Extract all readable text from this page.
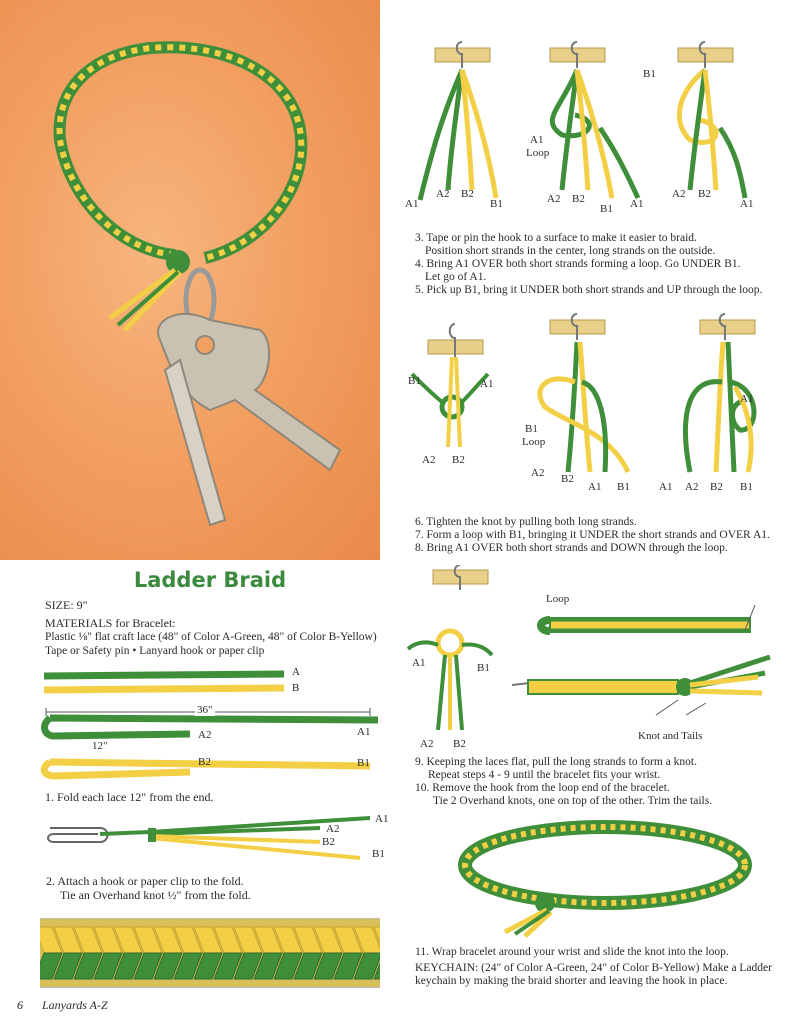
Ladder Braid
SIZE: 9"
MATERIALS for Bracelet:
Plastic ⅛" flat craft lace (48" of Color A-Green, 48" of Color B-Yellow)
Tape or Safety pin • Lanyard hook or paper clip
A
B
36"
A2	A1
12"
B2	B1
1. Fold each lace 12" from the end.
A1
A2
B2
B1
2. Attach a hook or paper clip to the fold.
Tie an Overhand knot ½" from the fold.
A1
A2 B2
B1
A1
Loop
A2 B2
B1 A1
B1
A2 B2
A1
3. Tape or pin the hook to a surface to make it easier to braid.
Position short strands in the center, long strands on the outside.
4. Bring A1 OVER both short strands forming a loop. Go UNDER B1.
Let go of A1.
5. Pick up B1, bring it UNDER both short strands and UP through the loop.
B1	A1
A2 B2
B1
Loop
A2 B2
A1 B1
A1
A1 A2 B2 B1
6. Tighten the knot by pulling both long strands.
7. Form a loop with B1, bringing it UNDER the short strands and OVER A1.
8. Bring A1 OVER both short strands and DOWN through the loop.
Loop
A1	B1
A2 B2
Knot and Tails
9. Keeping the laces flat, pull the long strands to form a knot.
Repeat steps 4 - 9 until the bracelet fits your wrist.
10. Remove the hook from the loop end of the bracelet.
Tie 2 Overhand knots, one on top of the other. Trim the tails.
11. Wrap bracelet around your wrist and slide the knot into the loop.
KEYCHAIN: (24" of Color A-Green, 24" of Color B-Yellow) Make a Ladder
keychain by making the braid shorter and leaving the hook in place.
6 Lanyards A-Z
